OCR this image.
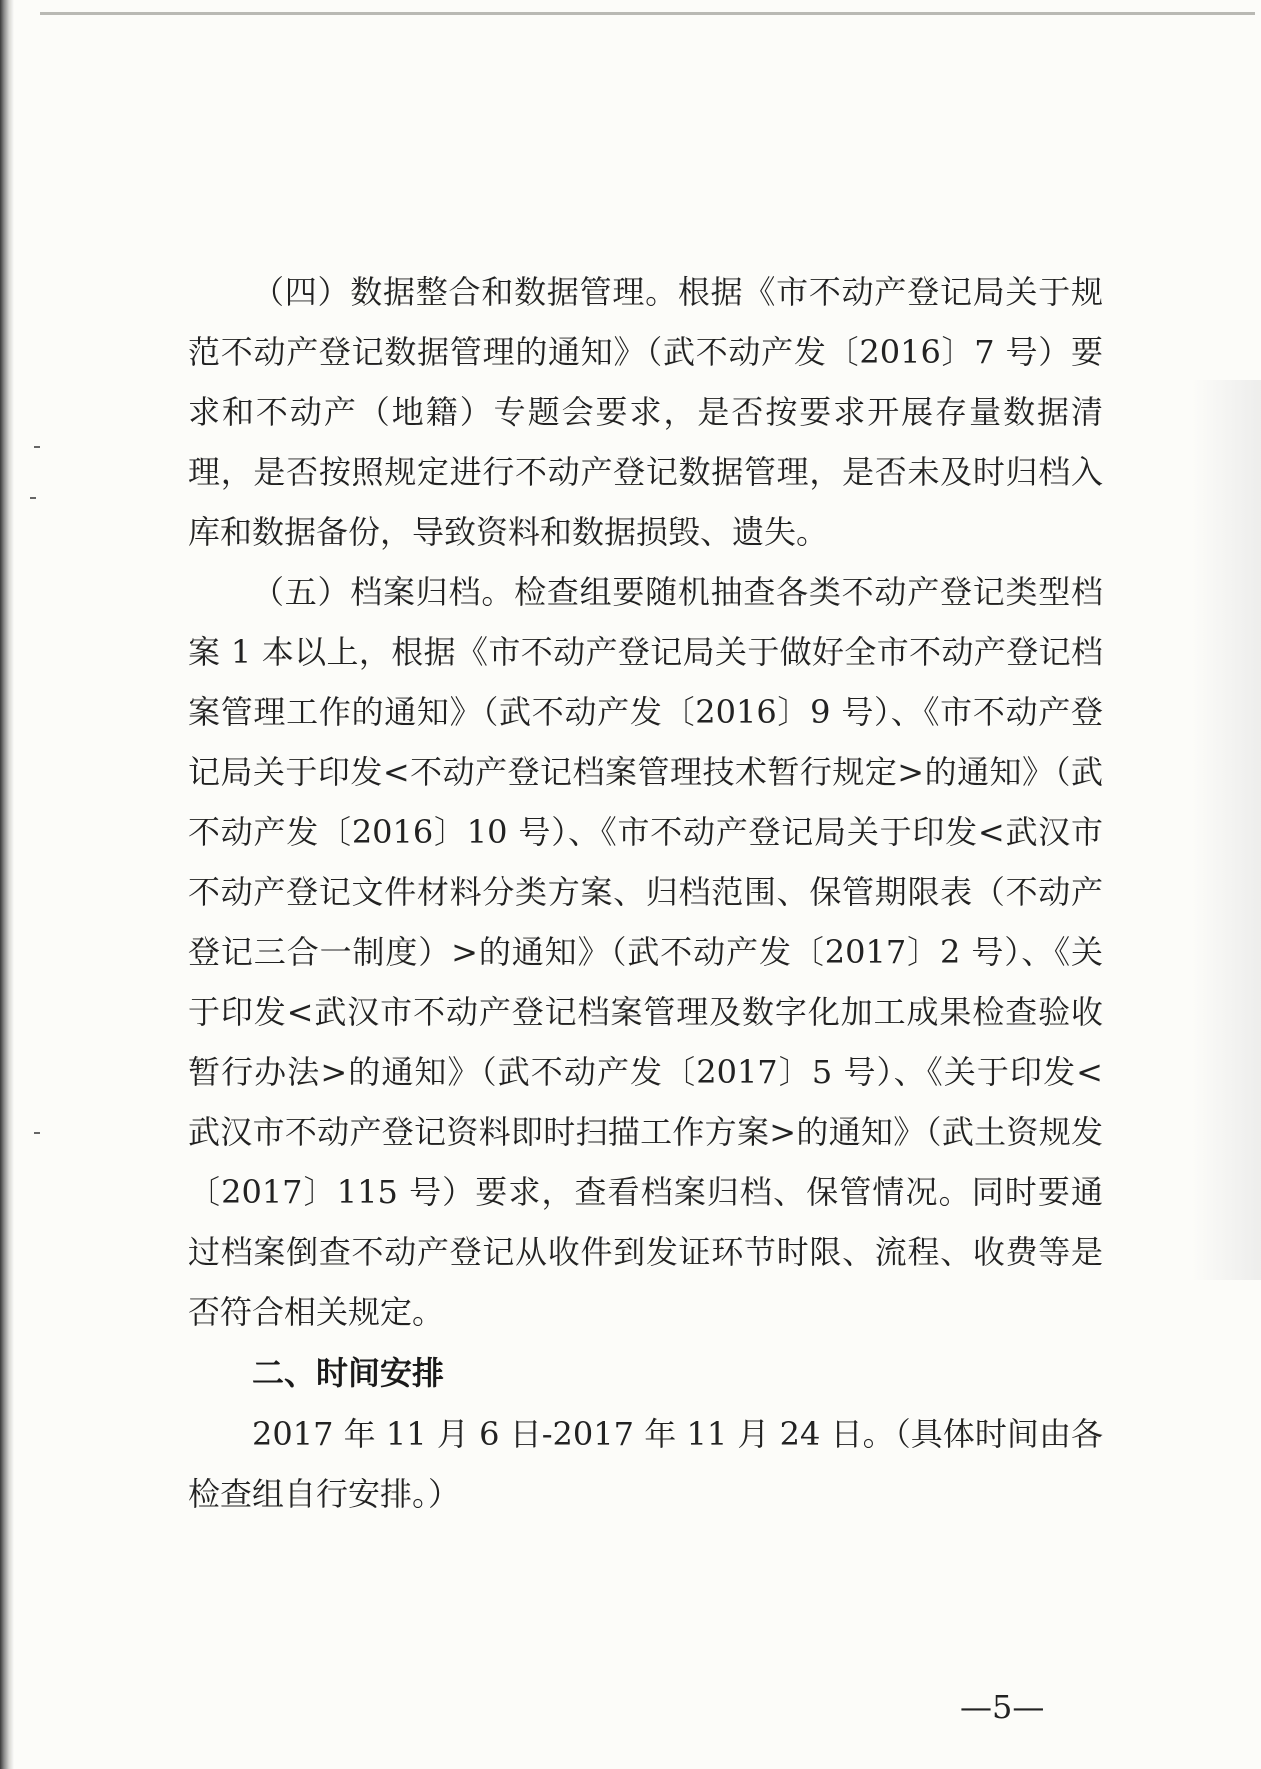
（四）数据整合和数据管理。根据《市不动产登记局关于规范不动产登记数据管理的通知》（武不动产发〔2016〕7 号）要求和不动产（地籍）专题会要求，是否按要求开展存量数据清理，是否按照规定进行不动产登记数据管理，是否未及时归档入库和数据备份，导致资料和数据损毁、遗失。

（五）档案归档。检查组要随机抽查各类不动产登记类型档案 1 本以上，根据《市不动产登记局关于做好全市不动产登记档案管理工作的通知》（武不动产发〔2016〕9 号）、《市不动产登记局关于印发<不动产登记档案管理技术暂行规定>的通知》（武不动产发〔2016〕10 号）、《市不动产登记局关于印发<武汉市不动产登记文件材料分类方案、归档范围、保管期限表（不动产登记三合一制度）>的通知》（武不动产发〔2017〕2 号）、《关于印发<武汉市不动产登记档案管理及数字化加工成果检查验收暂行办法>的通知》（武不动产发〔2017〕5 号）、《关于印发<武汉市不动产登记资料即时扫描工作方案>的通知》（武土资规发〔2017〕115 号）要求，查看档案归档、保管情况。同时要通过档案倒查不动产登记从收件到发证环节时限、流程、收费等是否符合相关规定。

二、时间安排

2017 年 11 月 6 日-2017 年 11 月 24 日。（具体时间由各检查组自行安排。）

—5—
